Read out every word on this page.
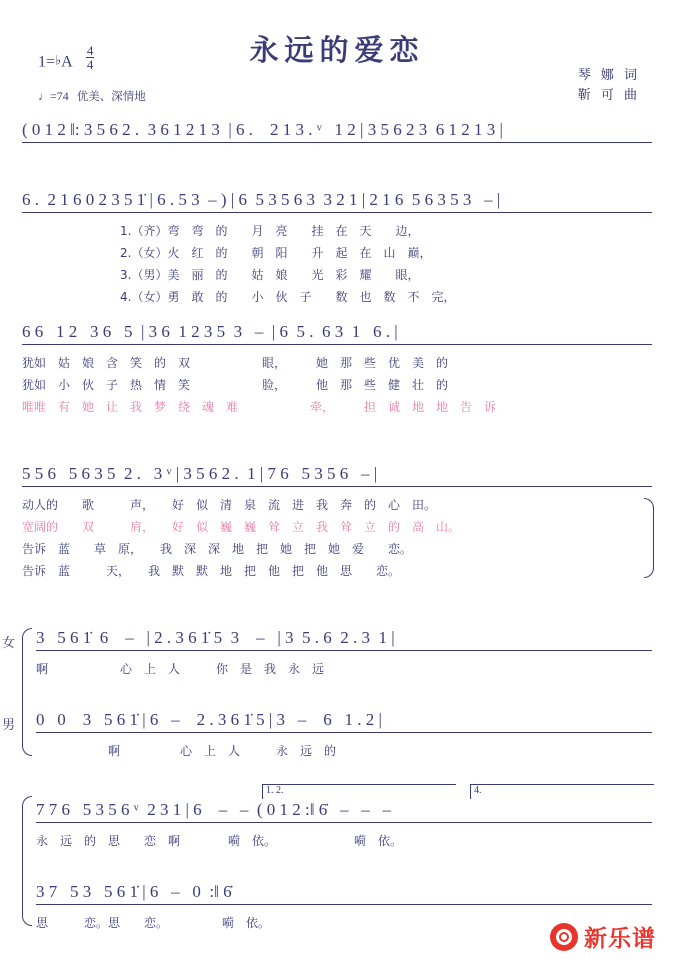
永远的爱恋
1=♭A $\frac{4}{4}$
♩=74 优美、深情地
琴 娜 词
靳 可 曲
( 0 1 2 ‖: 3 5 6 2 .  3 6 1 2 1 3  | 6 .    2 1 3 . ᵛ   1 2 | 3 5 6 2 3  6 1 2 1 3 |
6 .  2 1 6 0 2 3 5 1̇ | 6 . 5 3  – ) | 6  5 3 5 6 3  3 2 1 | 2 1 6  5 6 3 5 3   – |
1.（齐）弯　弯　的　　月　亮　　挂　在　天　　边，
2.（女）火　红　的　　朝　阳　　升　起　在　山　巅，
3.（男）美　丽　的　　姑　娘　　光　彩　耀　　眼，
4.（女）勇　敢　的　　小　伙　子　　数　也　数　不　完，
6 6   1 2   3 6   5  | 3 6  1 2 3 5  3   –  | 6  5 .  6 3  1   6 . |
犹如　姑　娘　含　笑　的　双　　　　　　眼，　　　她　那　些　优　美　的
犹如　小　伙　子　热　情　笑　　　　　　脸，　　　他　那　些　健　壮　的
唯唯　有　她　让　我　梦　绕　魂　难　　　　　　牵，　　　担　诚　地　地　告　诉
5 5 6   5 6 3 5  2 .   3 ᵛ | 3 5 6 2 .  1 | 7 6   5 3 5 6   – |
动人的　　歌　　　声，　　好　似　清　泉　流　进　我　奔　的　心　田。
宽阔的　　双　　　肩，　　好　似　巍　巍　耸　立　我　耸　立　的　高　山。
告诉　蓝　　草　原，　　我　深　深　地　把　她　把　她　爱　　恋。
告诉　蓝　　　天，　　我　默　默　地　把　他　把　他　思　　恋。
女
男
3   5 6 1̇  6    –   | 2 . 3 6 1̇ 5  3    –   | 3  5 . 6  2 . 3  1 |
啊　　　　　　心　上　人　　　你　是　我　永　远
0   0    3   5 6 1̇ | 6   –    2 . 3 6 1̇ 5 | 3   –    6   1 . 2 |
　　　　　　啊　　　　　心　上　人　　　永　远　的
1. 2.	4.
7 7 6   5 3 5 6 ᵛ  2 3 1 | 6    –   –  ( 0 1 2 :‖ 6̇   –   –   –
永　远　的　思　　恋　啊　　　　嗬　依。　　　　　　　嗬　依。
3 7   5 3   5 6 1̇ | 6   –   0  :‖ 6̇
思　　　恋。思　　恋。　　　　　嗬　依。
新乐谱
